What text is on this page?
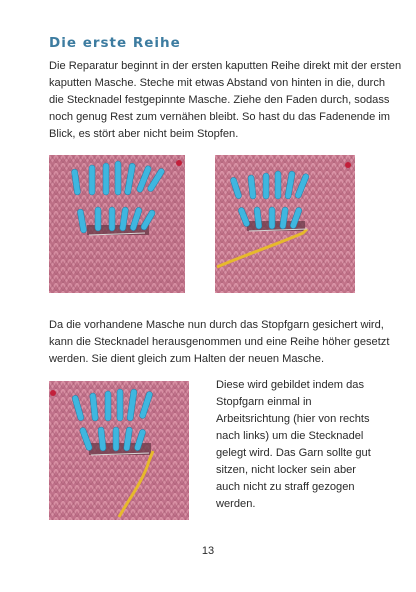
Die erste Reihe

Die Reparatur beginnt in der ersten kaputten Reihe direkt mit der ersten
kaputten Masche. Steche mit etwas Abstand von hinten in die, durch
die Stecknadel festgepinnte Masche. Ziehe den Faden durch, sodass
noch genug Rest zum vernähen bleibt. So hast du das Fadenende im
Blick, es stört aber nicht beim Stopfen.

Da die vorhandene Masche nun durch das Stopfgarn gesichert wird,
kann die Stecknadel herausgenommen und eine Reihe höher gesetzt
werden. Sie dient gleich zum Halten der neuen Masche.

Diese wird gebildet indem das
Stopfgarn einmal in
Arbeitsrichtung (hier von rechts
nach links) um die Stecknadel
gelegt wird. Das Garn sollte gut
sitzen, nicht locker sein aber
auch nicht zu straff gezogen
werden.

13
